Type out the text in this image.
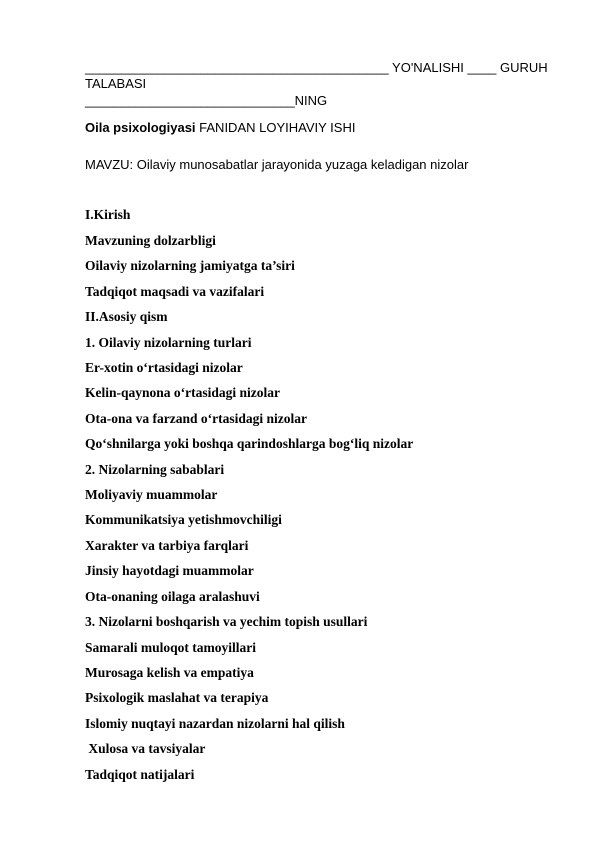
__________________________________________ YO'NALISHI ____ GURUH
TALABASI
_____________________________NING
Oila psixologiyasi FANIDAN LOYIHAVIY ISHI
MAVZU: Oilaviy munosabatlar jarayonida yuzaga keladigan nizolar
I.Kirish
Mavzuning dolzarbligi
Oilaviy nizolarning jamiyatga ta’siri
Tadqiqot maqsadi va vazifalari
II.Asosiy qism
1. Oilaviy nizolarning turlari
Er-xotin o‘rtasidagi nizolar
Kelin-qaynona o‘rtasidagi nizolar
Ota-ona va farzand o‘rtasidagi nizolar
Qo‘shnilarga yoki boshqa qarindoshlarga bog‘liq nizolar
2. Nizolarning sabablari
Moliyaviy muammolar
Kommunikatsiya yetishmovchiligi
Xarakter va tarbiya farqlari
Jinsiy hayotdagi muammolar
Ota-onaning oilaga aralashuvi
3. Nizolarni boshqarish va yechim topish usullari
Samarali muloqot tamoyillari
Murosaga kelish va empatiya
Psixologik maslahat va terapiya
Islomiy nuqtayi nazardan nizolarni hal qilish
Xulosa va tavsiyalar
Tadqiqot natijalari
